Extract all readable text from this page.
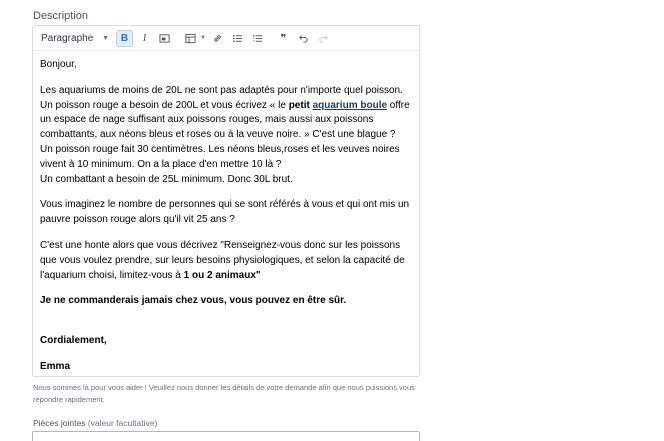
Description
Paragraphe ▼ B I	▼	❞

Bonjour,

Les aquariums de moins de 20L ne sont pas adaptés pour n'importe quel poisson. Un poisson rouge a besoin de 200L et vous écrivez « le petit aquarium boule offre un espace de nage suffisant aux poissons rouges, mais aussi aux poissons combattants, aux néons bleus et roses ou à la veuve noire. » C'est une blague ?

Un poisson rouge fait 30 centimètres. Les néons bleus,roses et les veuves noires vivent à 10 minimum. On a la place d'en mettre 10 là ?

Un combattant a besoin de 25L minimum. Donc 30L brut.

Vous imaginez le nombre de personnes qui se sont référés à vous et qui ont mis un pauvre poisson rouge alors qu'il vit 25 ans ?

C'est une honte alors que vous décrivez "Renseignez-vous donc sur les poissons que vous voulez prendre, sur leurs besoins physiologiques, et selon la capacité de l'aquarium choisi, limitez-vous à 1 ou 2 animaux"

Je ne commanderais jamais chez vous, vous pouvez en être sûr.

Cordialement,

Emma

Nous sommes là pour vous aider ! Veuillez nous donner les détails de votre demande afin que nous puissions vous répondre rapidement.
Pièces jointes (valeur facultative)
